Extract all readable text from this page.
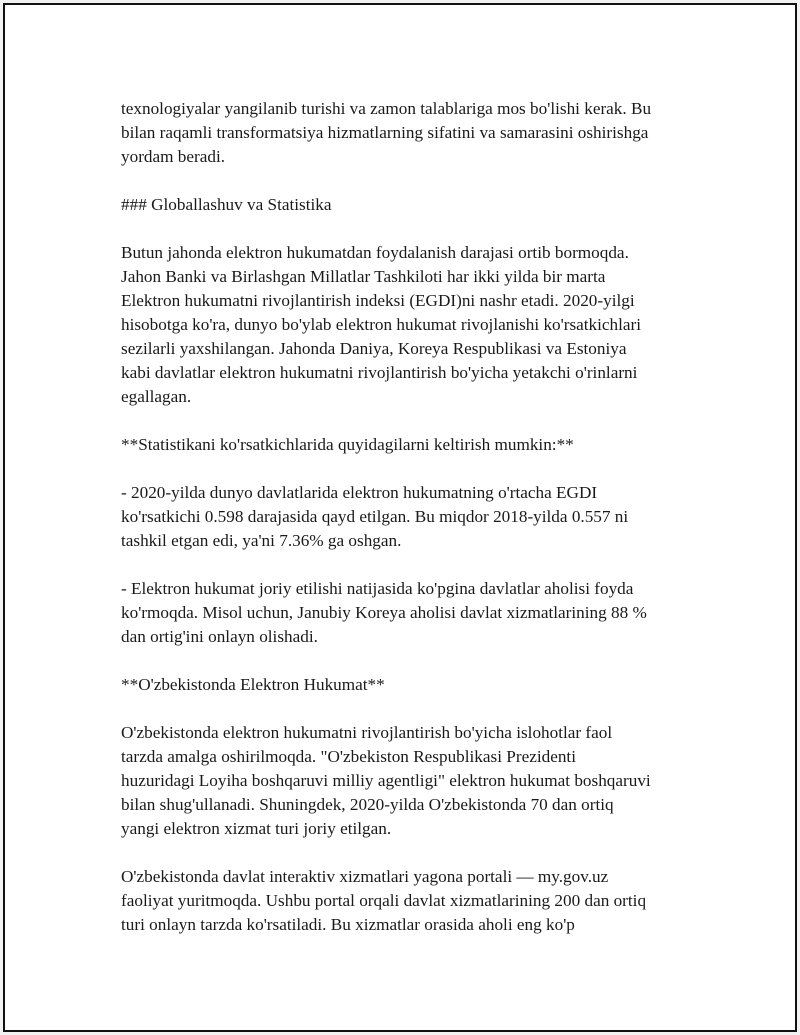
texnologiyalar yangilanib turishi va zamon talablariga mos bo'lishi kerak. Bu
bilan raqamli transformatsiya hizmatlarning sifatini va samarasini oshirishga
yordam beradi.
### Globallashuv va Statistika
Butun jahonda elektron hukumatdan foydalanish darajasi ortib bormoqda.
Jahon Banki va Birlashgan Millatlar Tashkiloti har ikki yilda bir marta
Elektron hukumatni rivojlantirish indeksi (EGDI)ni nashr etadi. 2020-yilgi
hisobotga ko'ra, dunyo bo'ylab elektron hukumat rivojlanishi ko'rsatkichlari
sezilarli yaxshilangan. Jahonda Daniya, Koreya Respublikasi va Estoniya
kabi davlatlar elektron hukumatni rivojlantirish bo'yicha yetakchi o'rinlarni
egallagan.
**Statistikani ko'rsatkichlarida quyidagilarni keltirish mumkin:**
- 2020-yilda dunyo davlatlarida elektron hukumatning o'rtacha EGDI
ko'rsatkichi 0.598 darajasida qayd etilgan. Bu miqdor 2018-yilda 0.557 ni
tashkil etgan edi, ya'ni 7.36% ga oshgan.
- Elektron hukumat joriy etilishi natijasida ko'pgina davlatlar aholisi foyda
ko'rmoqda. Misol uchun, Janubiy Koreya aholisi davlat xizmatlarining 88 %
dan ortig'ini onlayn olishadi.
**O'zbekistonda Elektron Hukumat**
O'zbekistonda elektron hukumatni rivojlantirish bo'yicha islohotlar faol
tarzda amalga oshirilmoqda. "O'zbekiston Respublikasi Prezidenti
huzuridagi Loyiha boshqaruvi milliy agentligi" elektron hukumat boshqaruvi
bilan shug'ullanadi. Shuningdek, 2020-yilda O'zbekistonda 70 dan ortiq
yangi elektron xizmat turi joriy etilgan.
O'zbekistonda davlat interaktiv xizmatlari yagona portali — my.gov.uz
faoliyat yuritmoqda. Ushbu portal orqali davlat xizmatlarining 200 dan ortiq
turi onlayn tarzda ko'rsatiladi. Bu xizmatlar orasida aholi eng ko'p
